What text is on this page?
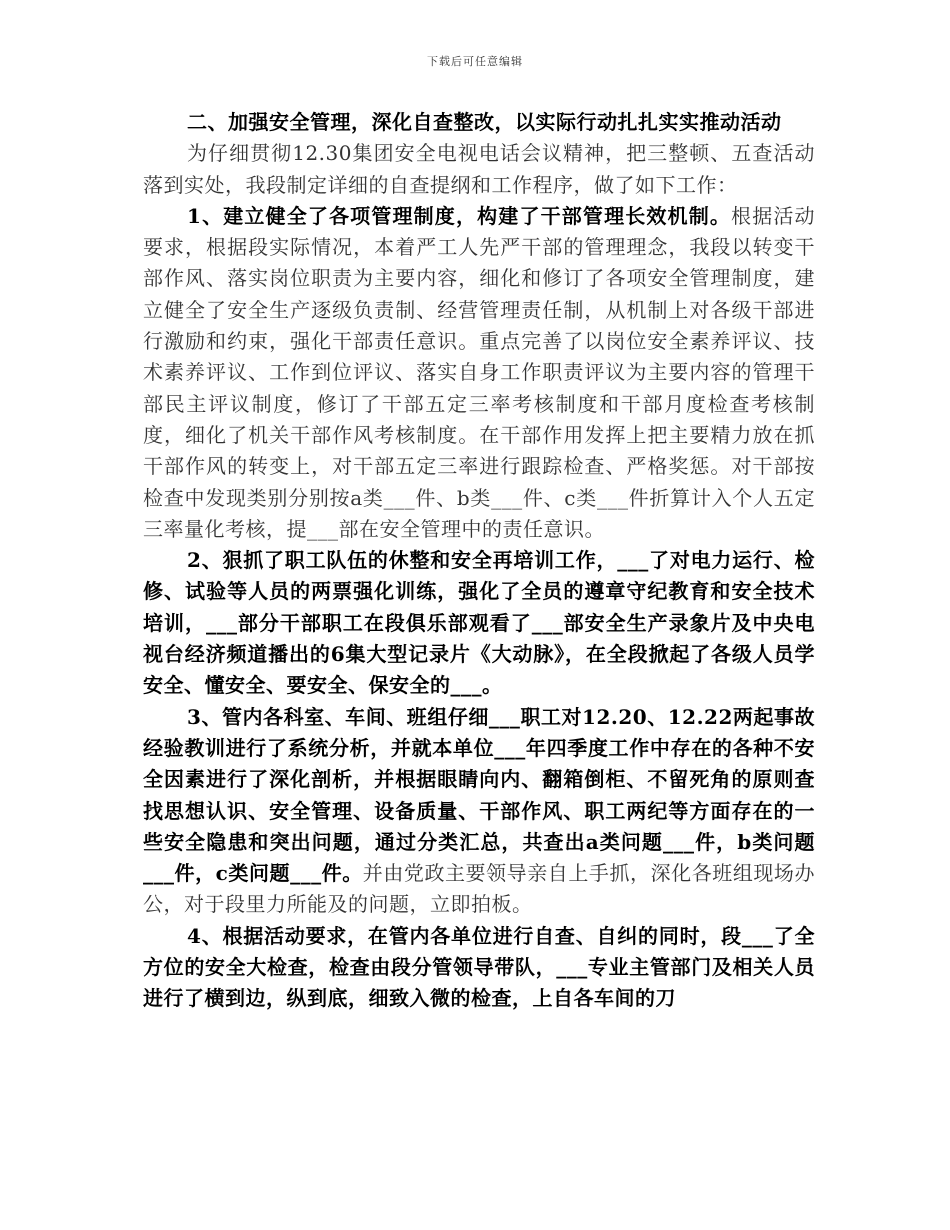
下载后可任意编辑

二、加强安全管理，深化自查整改，以实际行动扎扎实实推动活动

为仔细贯彻12.30集团安全电视电话会议精神，把三整顿、五查活动落到实处，我段制定详细的自查提纲和工作程序，做了如下工作：

1、建立健全了各项管理制度，构建了干部管理长效机制。根据活动要求，根据段实际情况，本着严工人先严干部的管理理念，我段以转变干部作风、落实岗位职责为主要内容，细化和修订了各项安全管理制度，建立健全了安全生产逐级负责制、经营管理责任制，从机制上对各级干部进行激励和约束，强化干部责任意识。重点完善了以岗位安全素养评议、技术素养评议、工作到位评议、落实自身工作职责评议为主要内容的管理干部民主评议制度，修订了干部五定三率考核制度和干部月度检查考核制度，细化了机关干部作风考核制度。在干部作用发挥上把主要精力放在抓干部作风的转变上，对干部五定三率进行跟踪检查、严格奖惩。对干部按检查中发现类别分别按a类___件、b类___件、c类___件折算计入个人五定三率量化考核，提___部在安全管理中的责任意识。

2、狠抓了职工队伍的休整和安全再培训工作，___了对电力运行、检修、试验等人员的两票强化训练，强化了全员的遵章守纪教育和安全技术培训，___部分干部职工在段俱乐部观看了___部安全生产录象片及中央电视台经济频道播出的6集大型记录片《大动脉》，在全段掀起了各级人员学安全、懂安全、要安全、保安全的___。

3、管内各科室、车间、班组仔细___职工对12.20、12.22两起事故经验教训进行了系统分析，并就本单位___年四季度工作中存在的各种不安全因素进行了深化剖析，并根据眼睛向内、翻箱倒柜、不留死角的原则查找思想认识、安全管理、设备质量、干部作风、职工两纪等方面存在的一些安全隐患和突出问题，通过分类汇总，共查出a类问题___件，b类问题___件，c类问题___件。并由党政主要领导亲自上手抓，深化各班组现场办公，对于段里力所能及的问题，立即拍板。

4、根据活动要求，在管内各单位进行自查、自纠的同时，段___了全方位的安全大检查，检查由段分管领导带队，___专业主管部门及相关人员进行了横到边，纵到底，细致入微的检查，上自各车间的刀
